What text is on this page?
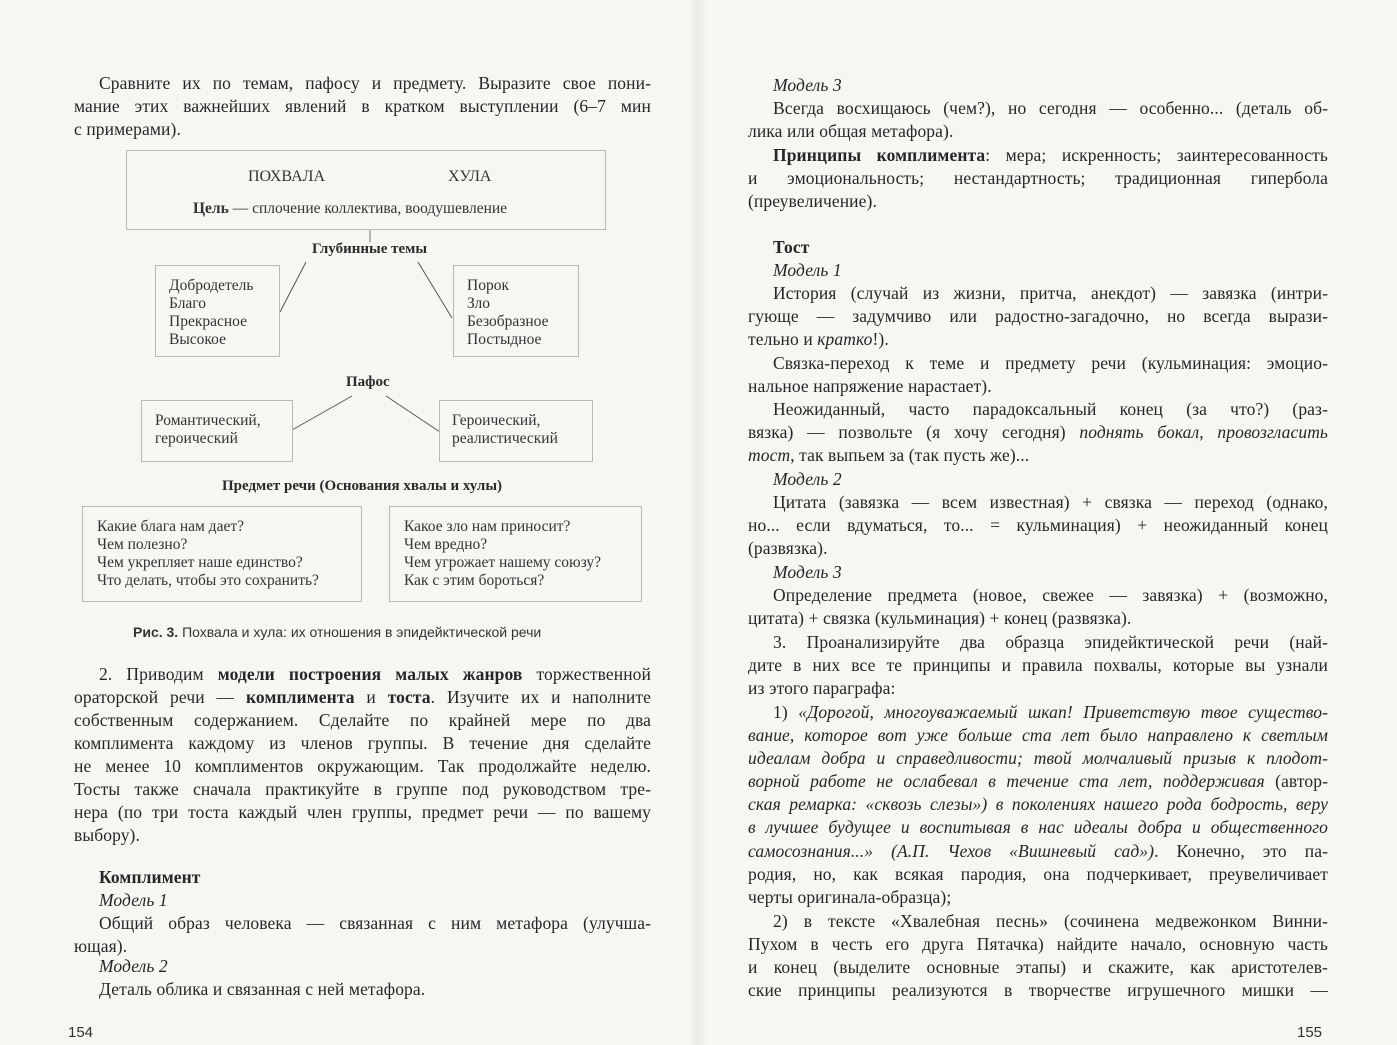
Сравните их по темам, пафосу и предмету. Выразите свое пони-

мание этих важнейших явлений в кратком выступлении (6–7 мин

с примерами).

ПОХВАЛА	ХУЛА
Цель — сплочение коллектива, воодушевление
Глубинные темы
Добродетель
Благо
Прекрасное
Высокое
Порок
Зло
Безобразное
Постыдное
Пафос
Романтический,
героический
Героический,
реалистический
Предмет речи (Основания хвалы и хулы)
Какие блага нам дает?
Чем полезно?
Чем укрепляет наше единство?
Что делать, чтобы это сохранить?
Какое зло нам приносит?
Чем вредно?
Чем угрожает нашему союзу?
Как с этим бороться?
Рис. 3. Похвала и хула: их отношения в эпидейктической речи

2. Приводим модели построения малых жанров торжественной

ораторской речи — комплимента и тоста. Изучите их и наполните

собственным содержанием. Сделайте по крайней мере по два

комплимента каждому из членов группы. В течение дня сделайте

не менее 10 комплиментов окружающим. Так продолжайте неделю.

Тосты также сначала практикуйте в группе под руководством тре-

нера (по три тоста каждый член группы, предмет речи — по вашему

выбору).

Комплимент

Модель 1

Общий образ человека — связанная с ним метафора (улучша-

ющая).

Модель 2

Деталь облика и связанная с ней метафора.

154

Модель 3

Всегда восхищаюсь (чем?), но сегодня — особенно... (деталь об-

лика или общая метафора).

Принципы комплимента: мера; искренность; заинтересованность

и эмоциональность; нестандартность; традиционная гипербола

(преувеличение).

Тост

Модель 1

История (случай из жизни, притча, анекдот) — завязка (интри-

гующе — задумчиво или радостно-загадочно, но всегда вырази-

тельно и кратко!).

Связка-переход к теме и предмету речи (кульминация: эмоцио-

нальное напряжение нарастает).

Неожиданный, часто парадоксальный конец (за что?) (раз-

вязка) — позвольте (я хочу сегодня) поднять бокал, провозгласить

тост, так выпьем за (так пусть же)...

Модель 2

Цитата (завязка — всем известная) + связка — переход (однако,

но... если вдуматься, то... = кульминация) + неожиданный конец

(развязка).

Модель 3

Определение предмета (новое, свежее — завязка) + (возможно,

цитата) + связка (кульминация) + конец (развязка).

3. Проанализируйте два образца эпидейктической речи (най-

дите в них все те принципы и правила похвалы, которые вы узнали

из этого параграфа:

1) «Дорогой, многоуважаемый шкап! Приветствую твое существо-

вание, которое вот уже больше ста лет было направлено к светлым

идеалам добра и справедливости; твой молчаливый призыв к плодот-

ворной работе не ослабевал в течение ста лет, поддерживая (автор-

ская ремарка: «сквозь слезы») в поколениях нашего рода бодрость, веру

в лучшее будущее и воспитывая в нас идеалы добра и общественного

самосознания...» (А.П. Чехов «Вишневый сад»). Конечно, это па-

родия, но, как всякая пародия, она подчеркивает, преувеличивает

черты оригинала-образца);

2) в тексте «Хвалебная песнь» (сочинена медвежонком Винни-

Пухом в честь его друга Пятачка) найдите начало, основную часть

и конец (выделите основные этапы) и скажите, как аристотелев-

ские принципы реализуются в творчестве игрушечного мишки —

155
